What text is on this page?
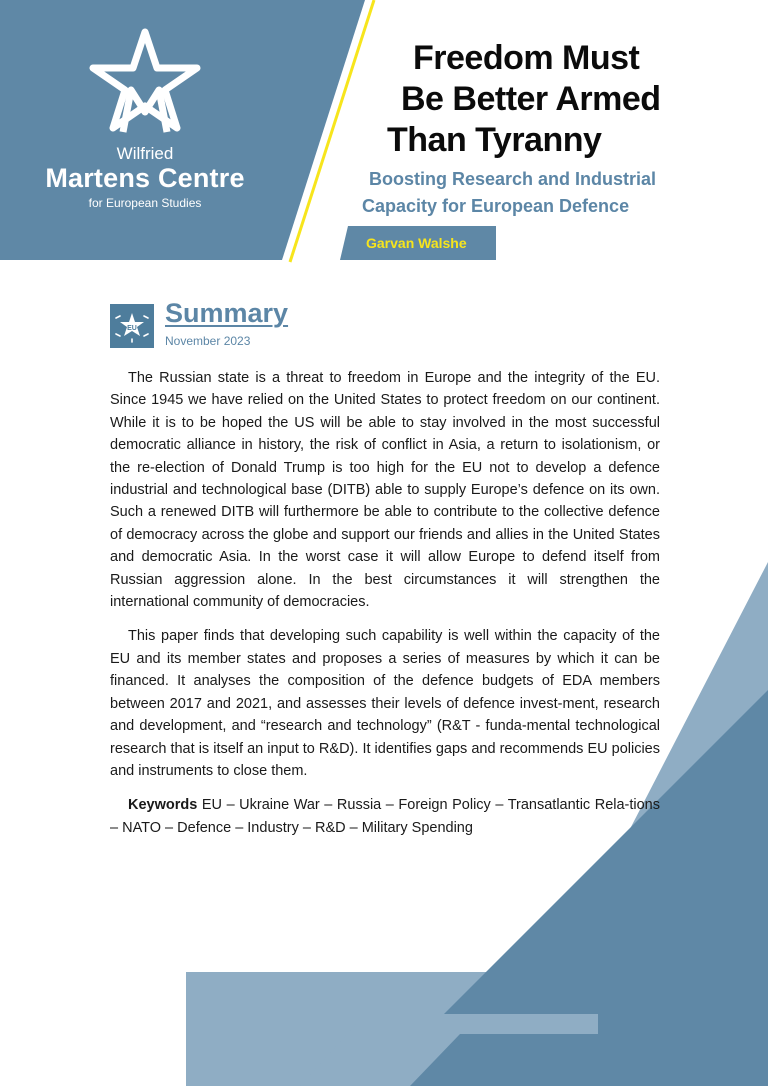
Wilfried
Martens Centre
for European Studies
Freedom Must
Be Better Armed
Than Tyranny
Boosting Research and Industrial
Capacity for European Defence
Garvan Walshe
EU
Summary
November 2023

The Russian state is a threat to freedom in Europe and the integrity of the EU. Since 1945 we have relied on the United States to protect freedom on our continent. While it is to be hoped the US will be able to stay involved in the most successful democratic alliance in history, the risk of conflict in Asia, a return to isolationism, or the re-election of Donald Trump is too high for the EU not to develop a defence industrial and technological base (DITB) able to supply Europe’s defence on its own. Such a renewed DITB will furthermore be able to contribute to the collective defence of democracy across the globe and support our friends and allies in the United States and democratic Asia. In the worst case it will allow Europe to defend itself from Russian aggression alone. In the best circumstances it will strengthen the international community of democracies.

This paper finds that developing such capability is well within the capacity of the EU and its member states and proposes a series of measures by which it can be financed. It analyses the composition of the defence budgets of EDA members between 2017 and 2021, and assesses their levels of defence invest-ment, research and development, and “research and technology” (R&T - funda-mental technological research that is itself an input to R&D). It identifies gaps and recommends EU policies and instruments to close them.

Keywords EU – Ukraine War – Russia – Foreign Policy – Transatlantic Rela-tions – NATO – Defence – Industry – R&D – Military Spending
